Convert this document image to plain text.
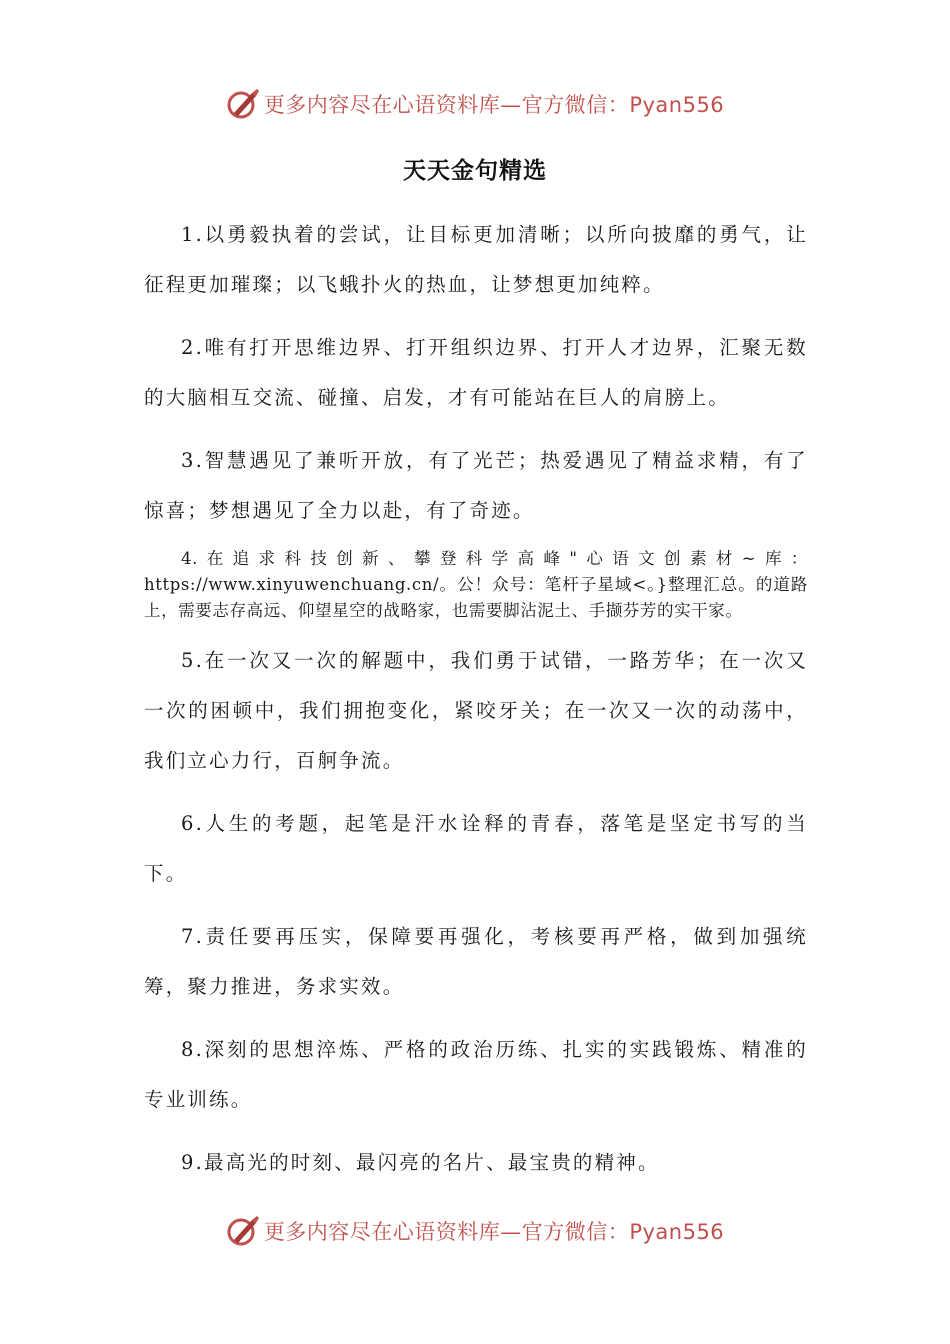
更多内容尽在心语资料库—官方微信：Pyan556
天天金句精选

1.以勇毅执着的尝试，让目标更加清晰；以所向披靡的勇气，让征程更加璀璨；以飞蛾扑火的热血，让梦想更加纯粹。

2.唯有打开思维边界、打开组织边界、打开人才边界，汇聚无数的大脑相互交流、碰撞、启发，才有可能站在巨人的肩膀上。

3.智慧遇见了兼听开放，有了光芒；热爱遇见了精益求精，有了惊喜；梦想遇见了全力以赴，有了奇迹。

4.在追求科技创新、攀登科学高峰"心语文创素材~库：https://www.xinyuwenchuang.cn/。公！众号：笔杆子星域<。}整理汇总。的道路上，需要志存高远、仰望星空的战略家，也需要脚沾泥土、手撷芬芳的实干家。

5.在一次又一次的解题中，我们勇于试错，一路芳华；在一次又一次的困顿中，我们拥抱变化，紧咬牙关；在一次又一次的动荡中，我们立心力行，百舸争流。

6.人生的考题，起笔是汗水诠释的青春，落笔是坚定书写的当下。

7.责任要再压实，保障要再强化，考核要再严格，做到加强统筹，聚力推进，务求实效。

8.深刻的思想淬炼、严格的政治历练、扎实的实践锻炼、精准的专业训练。

9.最高光的时刻、最闪亮的名片、最宝贵的精神。

更多内容尽在心语资料库—官方微信：Pyan556
